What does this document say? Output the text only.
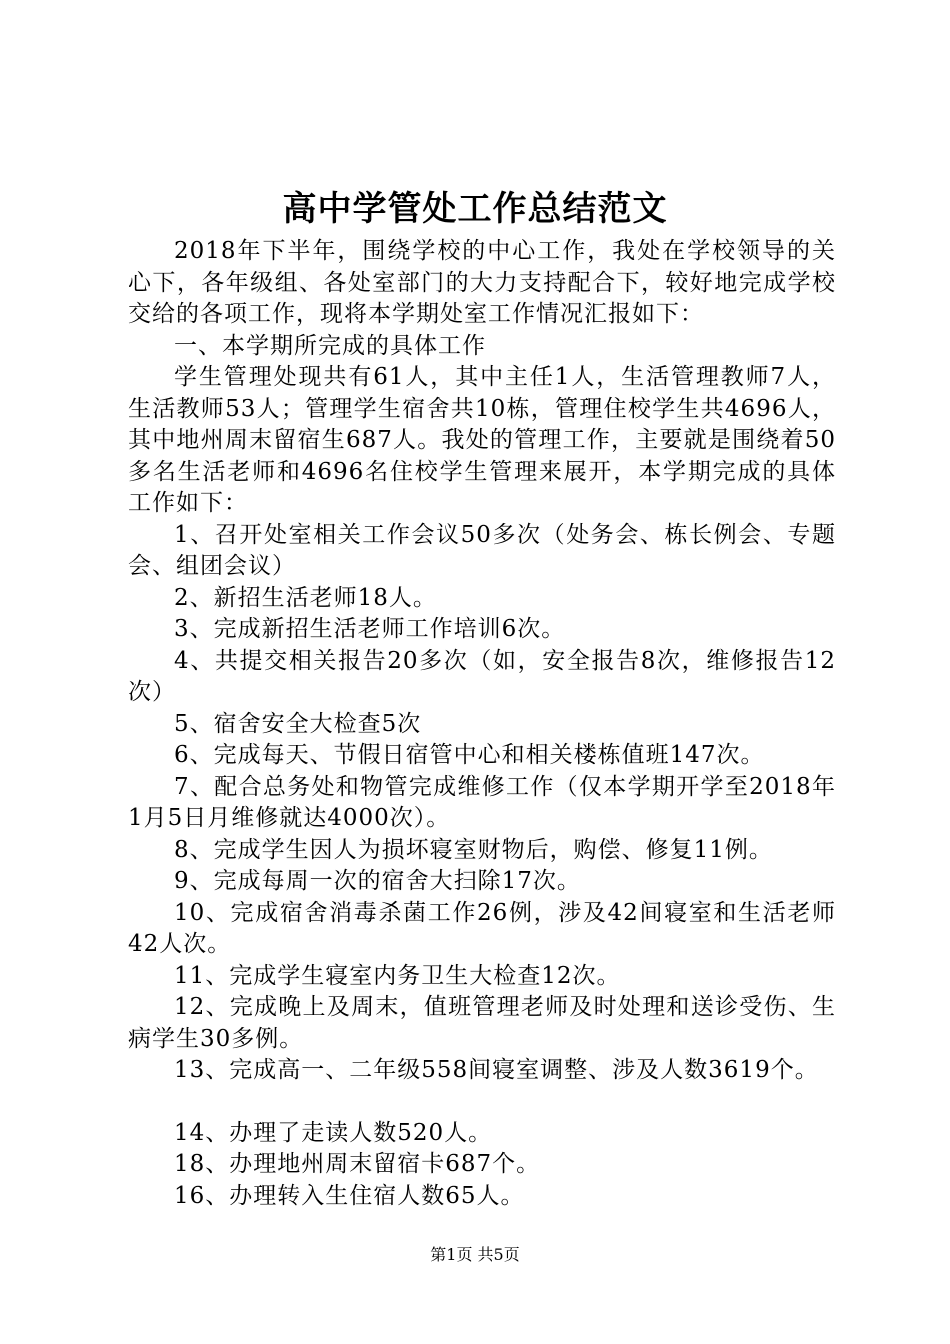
高中学管处工作总结范文

2018年下半年，围绕学校的中心工作，我处在学校领导的关心下，各年级组、各处室部门的大力支持配合下，较好地完成学校交给的各项工作，现将本学期处室工作情况汇报如下：

一、本学期所完成的具体工作

学生管理处现共有61人，其中主任1人，生活管理教师7人，生活教师53人；管理学生宿舍共10栋，管理住校学生共4696人，其中地州周末留宿生687人。我处的管理工作，主要就是围绕着50多名生活老师和4696名住校学生管理来展开，本学期完成的具体工作如下：

1、召开处室相关工作会议50多次（处务会、栋长例会、专题会、组团会议）

2、新招生活老师18人。

3、完成新招生活老师工作培训6次。

4、共提交相关报告20多次（如，安全报告8次，维修报告12次）

5、宿舍安全大检查5次

6、完成每天、节假日宿管中心和相关楼栋值班147次。

7、配合总务处和物管完成维修工作（仅本学期开学至2018年1月5日月维修就达4000次）。

8、完成学生因人为损坏寝室财物后，购偿、修复11例。

9、完成每周一次的宿舍大扫除17次。

10、完成宿舍消毒杀菌工作26例，涉及42间寝室和生活老师42人次。

11、完成学生寝室内务卫生大检查12次。

12、完成晚上及周末，值班管理老师及时处理和送诊受伤、生病学生30多例。

13、完成高一、二年级558间寝室调整、涉及人数3619个。

14、办理了走读人数520人。

18、办理地州周末留宿卡687个。

16、办理转入生住宿人数65人。

第1页 共5页
